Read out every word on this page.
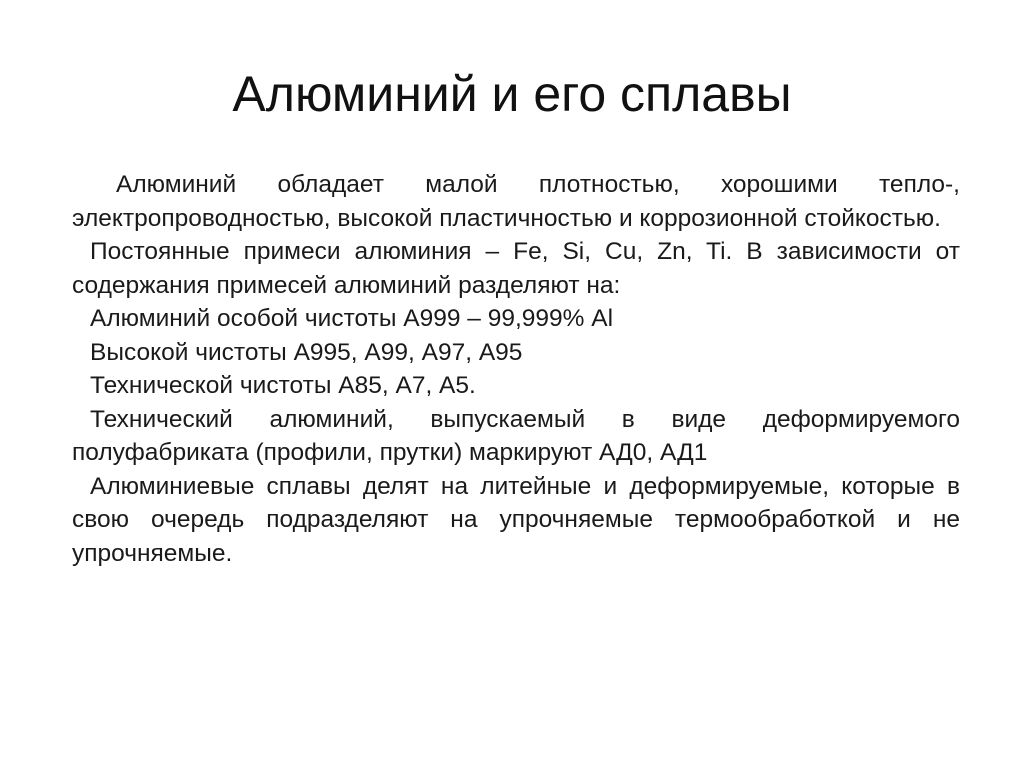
Алюминий и его сплавы

Алюминий обладает малой плотностью, хорошими тепло-, электропроводностью, высокой пластичностью и коррозионной стойкостью.

Постоянные примеси алюминия – Fe, Si, Cu, Zn, Ti. В зависимости от содержания примесей алюминий разделяют на:

Алюминий особой чистоты А999 – 99,999% Al

Высокой чистоты А995, А99, А97, А95

Технической чистоты А85, А7, А5.

Технический алюминий, выпускаемый в виде деформируемого полуфабриката (профили, прутки) маркируют АД0, АД1

Алюминиевые сплавы делят на литейные и деформируемые, которые в свою очередь подразделяют на упрочняемые термообработкой и не упрочняемые.
